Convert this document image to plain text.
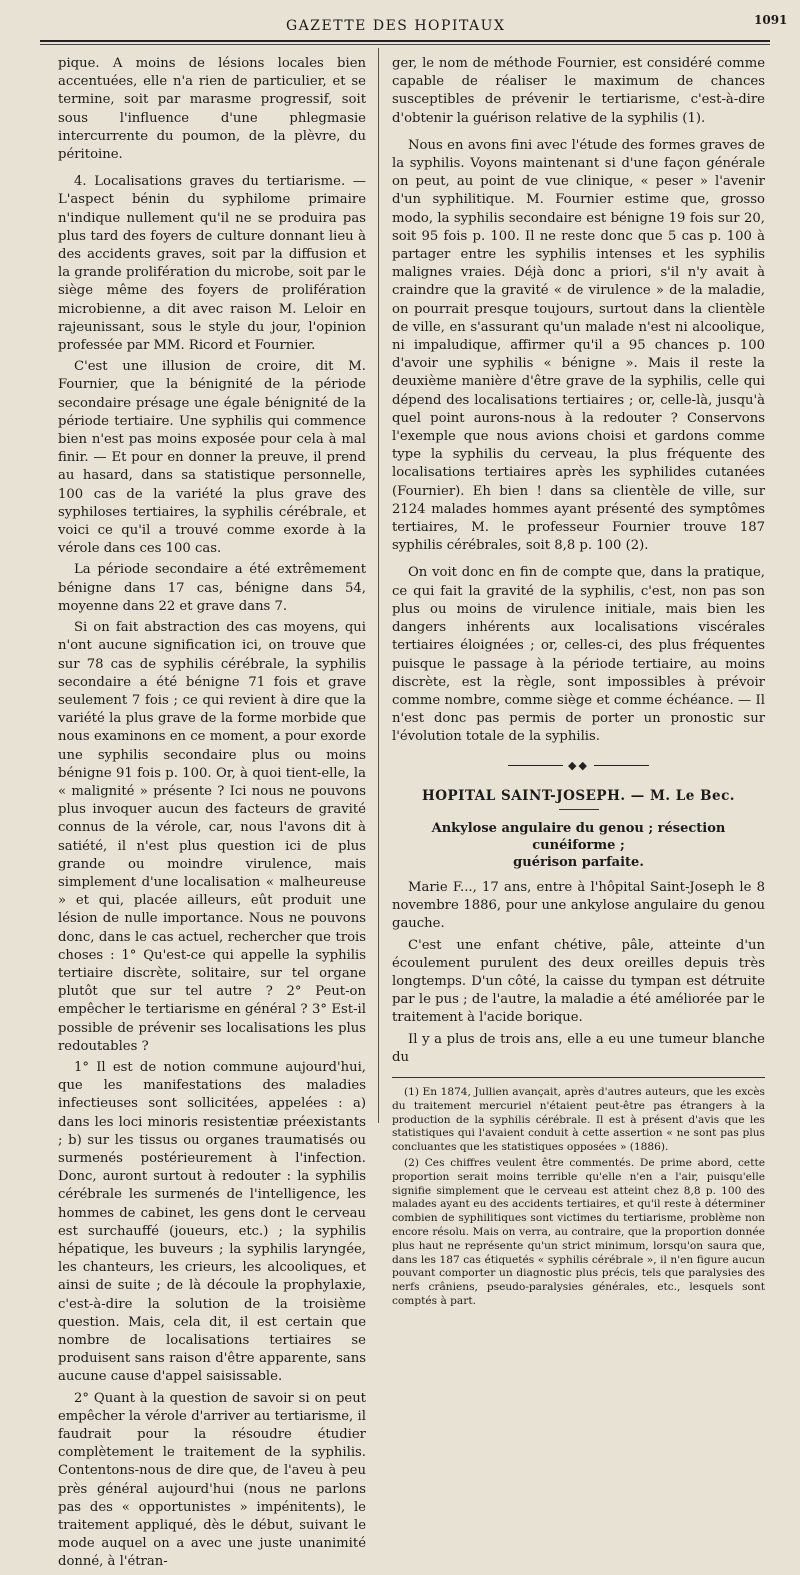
GAZETTE DES HOPITAUX	1091

pique. A moins de lésions locales bien accentuées, elle n'a rien de particulier, et se termine, soit par marasme progressif, soit sous l'influence d'une phlegmasie intercurrente du poumon, de la plèvre, du péritoine.

4. Localisations graves du tertiarisme. — L'aspect bénin du syphilome primaire n'indique nullement qu'il ne se produira pas plus tard des foyers de culture donnant lieu à des accidents graves, soit par la diffusion et la grande prolifération du microbe, soit par le siège même des foyers de prolifération microbienne, a dit avec raison M. Leloir en rajeunissant, sous le style du jour, l'opinion professée par MM. Ricord et Fournier.

C'est une illusion de croire, dit M. Fournier, que la bénignité de la période secondaire présage une égale bénignité de la période tertiaire. Une syphilis qui commence bien n'est pas moins exposée pour cela à mal finir. — Et pour en donner la preuve, il prend au hasard, dans sa statistique personnelle, 100 cas de la variété la plus grave des syphiloses tertiaires, la syphilis cérébrale, et voici ce qu'il a trouvé comme exorde à la vérole dans ces 100 cas.

La période secondaire a été extrêmement bénigne dans 17 cas, bénigne dans 54, moyenne dans 22 et grave dans 7.

Si on fait abstraction des cas moyens, qui n'ont aucune signification ici, on trouve que sur 78 cas de syphilis cérébrale, la syphilis secondaire a été bénigne 71 fois et grave seulement 7 fois ; ce qui revient à dire que la variété la plus grave de la forme morbide que nous examinons en ce moment, a pour exorde une syphilis secondaire plus ou moins bénigne 91 fois p. 100. Or, à quoi tient-elle, la « malignité » présente ? Ici nous ne pouvons plus invoquer aucun des facteurs de gravité connus de la vérole, car, nous l'avons dit à satiété, il n'est plus question ici de plus grande ou moindre virulence, mais simplement d'une localisation « malheureuse » et qui, placée ailleurs, eût produit une lésion de nulle importance. Nous ne pouvons donc, dans le cas actuel, rechercher que trois choses : 1° Qu'est-ce qui appelle la syphilis tertiaire discrète, solitaire, sur tel organe plutôt que sur tel autre ? 2° Peut-on empêcher le tertiarisme en général ? 3° Est-il possible de prévenir ses localisations les plus redoutables ?

1° Il est de notion commune aujourd'hui, que les manifestations des maladies infectieuses sont sollicitées, appelées : a) dans les loci minoris resistentiæ préexistants ; b) sur les tissus ou organes traumatisés ou surmenés postérieurement à l'infection. Donc, auront surtout à redouter : la syphilis cérébrale les surmenés de l'intelligence, les hommes de cabinet, les gens dont le cerveau est surchauffé (joueurs, etc.) ; la syphilis hépatique, les buveurs ; la syphilis laryngée, les chanteurs, les crieurs, les alcooliques, et ainsi de suite ; de là découle la prophylaxie, c'est-à-dire la solution de la troisième question. Mais, cela dit, il est certain que nombre de localisations tertiaires se produisent sans raison d'être apparente, sans aucune cause d'appel saisissable.

2° Quant à la question de savoir si on peut empêcher la vérole d'arriver au tertiarisme, il faudrait pour la résoudre étudier complètement le traitement de la syphilis. Contentons-nous de dire que, de l'aveu à peu près général aujourd'hui (nous ne parlons pas des « opportunistes » impénitents), le traitement appliqué, dès le début, suivant le mode auquel on a avec une juste unanimité donné, à l'étran-

ger, le nom de méthode Fournier, est considéré comme capable de réaliser le maximum de chances susceptibles de prévenir le tertiarisme, c'est-à-dire d'obtenir la guérison relative de la syphilis (1).

Nous en avons fini avec l'étude des formes graves de la syphilis. Voyons maintenant si d'une façon générale on peut, au point de vue clinique, « peser » l'avenir d'un syphilitique. M. Fournier estime que, grosso modo, la syphilis secondaire est bénigne 19 fois sur 20, soit 95 fois p. 100. Il ne reste donc que 5 cas p. 100 à partager entre les syphilis intenses et les syphilis malignes vraies. Déjà donc a priori, s'il n'y avait à craindre que la gravité « de virulence » de la maladie, on pourrait presque toujours, surtout dans la clientèle de ville, en s'assurant qu'un malade n'est ni alcoolique, ni impaludique, affirmer qu'il a 95 chances p. 100 d'avoir une syphilis « bénigne ». Mais il reste la deuxième manière d'être grave de la syphilis, celle qui dépend des localisations tertiaires ; or, celle-là, jusqu'à quel point aurons-nous à la redouter ? Conservons l'exemple que nous avions choisi et gardons comme type la syphilis du cerveau, la plus fréquente des localisations tertiaires après les syphilides cutanées (Fournier). Eh bien ! dans sa clientèle de ville, sur 2124 malades hommes ayant présenté des symptômes tertiaires, M. le professeur Fournier trouve 187 syphilis cérébrales, soit 8,8 p. 100 (2).

On voit donc en fin de compte que, dans la pratique, ce qui fait la gravité de la syphilis, c'est, non pas son plus ou moins de virulence initiale, mais bien les dangers inhérents aux localisations viscérales tertiaires éloignées ; or, celles-ci, des plus fréquentes puisque le passage à la période tertiaire, au moins discrète, est la règle, sont impossibles à prévoir comme nombre, comme siège et comme échéance. — Il n'est donc pas permis de porter un pronostic sur l'évolution totale de la syphilis.

◆◆
HOPITAL SAINT-JOSEPH. — M. Le Bec.
Ankylose angulaire du genou ; résection cunéiforme ;
guérison parfaite.

Marie F..., 17 ans, entre à l'hôpital Saint-Joseph le 8 novembre 1886, pour une ankylose angulaire du genou gauche.

C'est une enfant chétive, pâle, atteinte d'un écoulement purulent des deux oreilles depuis très longtemps. D'un côté, la caisse du tympan est détruite par le pus ; de l'autre, la maladie a été améliorée par le traitement à l'acide borique.

Il y a plus de trois ans, elle a eu une tumeur blanche du

(1) En 1874, Jullien avançait, après d'autres auteurs, que les excès du traitement mercuriel n'étaient peut-être pas étrangers à la production de la syphilis cérébrale. Il est à présent d'avis que les statistiques qui l'avaient conduit à cette assertion « ne sont pas plus concluantes que les statistiques opposées » (1886).

(2) Ces chiffres veulent être commentés. De prime abord, cette proportion serait moins terrible qu'elle n'en a l'air, puisqu'elle signifie simplement que le cerveau est atteint chez 8,8 p. 100 des malades ayant eu des accidents tertiaires, et qu'il reste à déterminer combien de syphilitiques sont victimes du tertiarisme, problème non encore résolu. Mais on verra, au contraire, que la proportion donnée plus haut ne représente qu'un strict minimum, lorsqu'on saura que, dans les 187 cas étiquetés « syphilis cérébrale », il n'en figure aucun pouvant comporter un diagnostic plus précis, tels que paralysies des nerfs crâniens, pseudo-paralysies générales, etc., lesquels sont comptés à part.
